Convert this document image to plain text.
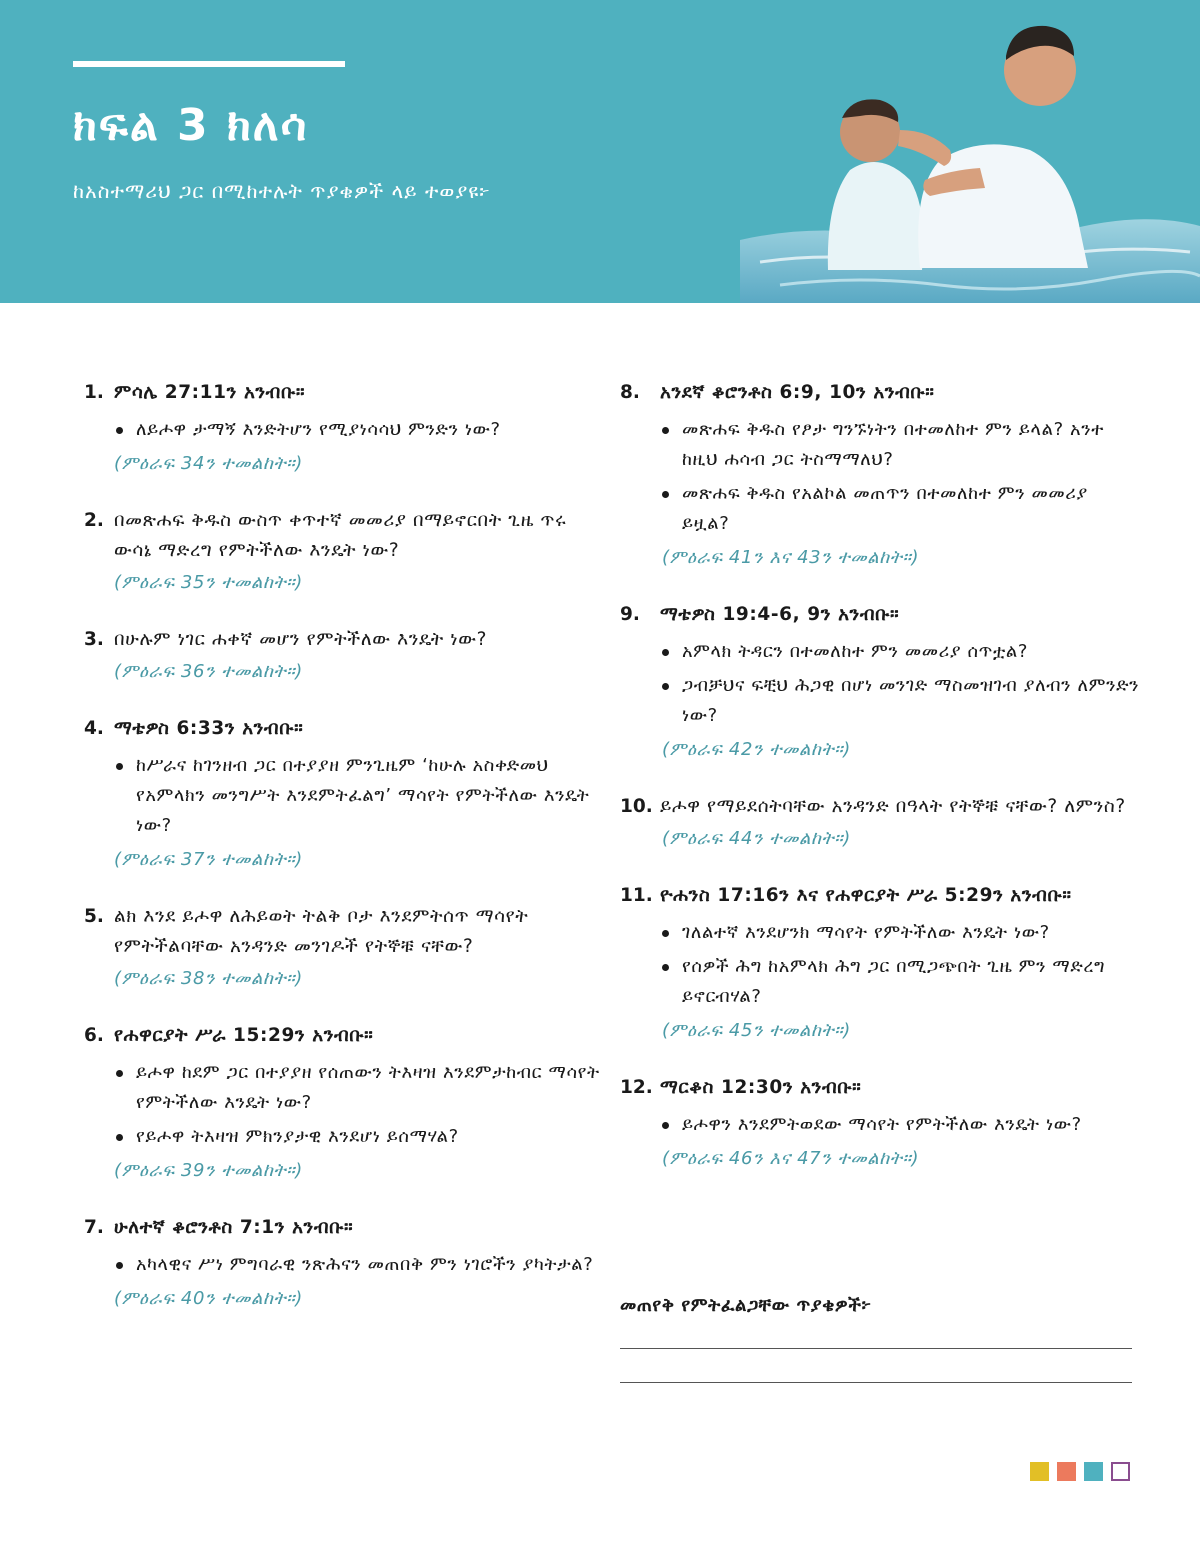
ክፍል 3 ክለሳ

ከአስተማሪህ ጋር በሚከተሉት ጥያቄዎች ላይ ተወያዩ፦

1. ምሳሌ 27:11ን አንብቡ።
ለይሖዋ ታማኝ እንድትሆን የሚያነሳሳህ ምንድን ነው?
(ምዕራፍ 34ን ተመልከት።)
2. በመጽሐፍ ቅዱስ ውስጥ ቀጥተኛ መመሪያ በማይኖርበት ጊዜ ጥሩ ውሳኔ ማድረግ የምትችለው እንዴት ነው?
(ምዕራፍ 35ን ተመልከት።)
3. በሁሉም ነገር ሐቀኛ መሆን የምትችለው እንዴት ነው?
(ምዕራፍ 36ን ተመልከት።)
4. ማቴዎስ 6:33ን አንብቡ።
ከሥራና ከገንዘብ ጋር በተያያዘ ምንጊዜም ‘ከሁሉ አስቀድመህ የአምላክን መንግሥት እንደምትፈልግ’ ማሳየት የምትችለው እንዴት ነው?
(ምዕራፍ 37ን ተመልከት።)
5. ልክ እንደ ይሖዋ ለሕይወት ትልቅ ቦታ እንደምትሰጥ ማሳየት የምትችልባቸው አንዳንድ መንገዶች የትኞቹ ናቸው?
(ምዕራፍ 38ን ተመልከት።)
6. የሐዋርያት ሥራ 15:29ን አንብቡ።
ይሖዋ ከደም ጋር በተያያዘ የሰጠውን ትእዛዝ እንደምታከብር ማሳየት የምትችለው እንዴት ነው?
የይሖዋ ትእዛዝ ምክንያታዊ እንደሆነ ይሰማሃል?
(ምዕራፍ 39ን ተመልከት።)
7. ሁለተኛ ቆሮንቶስ 7:1ን አንብቡ።
አካላዊና ሥነ ምግባራዊ ንጽሕናን መጠበቅ ምን ነገሮችን ያካትታል?
(ምዕራፍ 40ን ተመልከት።)
8.	አንደኛ ቆሮንቶስ 6:9, 10ን አንብቡ።
መጽሐፍ ቅዱስ የፆታ ግንኙነትን በተመለከተ ምን ይላል? አንተ ከዚህ ሐሳብ ጋር ትስማማለህ?
መጽሐፍ ቅዱስ የአልኮል መጠጥን በተመለከተ ምን መመሪያ ይዟል?
(ምዕራፍ 41ን እና 43ን ተመልከት።)
9.	ማቴዎስ 19:4-6, 9ን አንብቡ።
አምላክ ትዳርን በተመለከተ ምን መመሪያ ሰጥቷል?
ጋብቻህና ፍቺህ ሕጋዊ በሆነ መንገድ ማስመዝገብ ያለብን ለምንድን ነው?
(ምዕራፍ 42ን ተመልከት።)
10. ይሖዋ የማይደሰትባቸው አንዳንድ በዓላት የትኞቹ ናቸው? ለምንስ?
(ምዕራፍ 44ን ተመልከት።)
11. ዮሐንስ 17:16ን እና የሐዋርያት ሥራ 5:29ን አንብቡ።
ገለልተኛ እንደሆንክ ማሳየት የምትችለው እንዴት ነው?
የሰዎች ሕግ ከአምላክ ሕግ ጋር በሚጋጭበት ጊዜ ምን ማድረግ ይኖርብሃል?
(ምዕራፍ 45ን ተመልከት።)
12. ማርቆስ 12:30ን አንብቡ።
ይሖዋን እንደምትወደው ማሳየት የምትችለው እንዴት ነው?
(ምዕራፍ 46ን እና 47ን ተመልከት።)

መጠየቅ የምትፈልጋቸው ጥያቄዎች፦
